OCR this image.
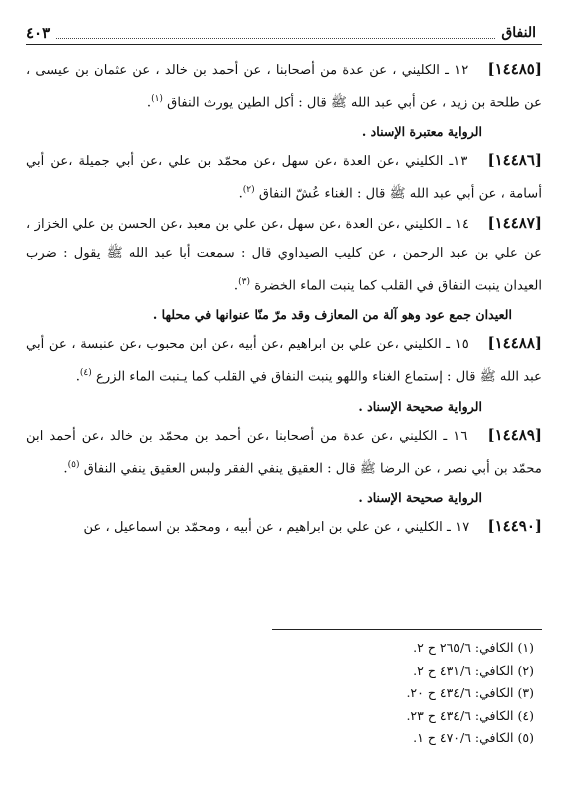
النفاق
٤٠٣

[١٤٤٨٥] ١٢ ـ الكليني ، عن عدة من أصحابنا ، عن أحمد بن خالد ، عن عثمان بن عيسى ، عن طلحة بن زيد ، عن أبي عبد الله ﷺ قال : أكل الطين يورث النفاق $^{(١)}$.

الرواية معتبرة الإسناد .

[١٤٤٨٦] ١٣ـ الكليني ،عن العدة ،عن سهل ،عن محمّد بن علي ،عن أبي جميلة ،عن أبي أسامة ، عن أبي عبد الله ﷺ قال : الغناء عُشّ النفاق $^{(٢)}$.

[١٤٤٨٧] ١٤ ـ الكليني ،عن العدة ،عن سهل ،عن علي بن معبد ،عن الحسن بن علي الخزاز ، عن علي بن عبد الرحمن ، عن كليب الصيداوي قال : سمعت أبا عبد الله ﷺ يقول : ضرب العيدان ينبت النفاق في القلب كما ينبت الماء الخضرة $^{(٣)}$.

العيدان جمع عود وهو آلة من المعازف وقد مرّ منّا عنوانها في محلها .

[١٤٤٨٨] ١٥ ـ الكليني ،عن علي بن ابراهيم ،عن أبيه ،عن ابن محبوب ،عن عنبسة ، عن أبي عبد الله ﷺ قال : إستماع الغناء واللهو ينبت النفاق في القلب كما يـنبت الماء الزرع $^{(٤)}$.

الرواية صحيحة الإسناد .

[١٤٤٨٩] ١٦ ـ الكليني ،عن عدة من أصحابنا ،عن أحمد بن محمّد بن خالد ،عن أحمد ابن محمّد بن أبي نصر ، عن الرضا ﷺ قال : العقيق ينفي الفقر ولبس العقيق ينفي النفاق $^{(٥)}$.

الرواية صحيحة الإسناد .

[١٤٤٩٠] ١٧ ـ الكليني ، عن علي بن ابراهيم ، عن أبيه ، ومحمّد بن اسماعيل ، عن

(١) الكافي: ٢٦٥/٦ ح ٢.
(٢) الكافي: ٤٣١/٦ ح ٢.
(٣) الكافي: ٤٣٤/٦ ح ٢٠.
(٤) الكافي: ٤٣٤/٦ ح ٢٣.
(٥) الكافي: ٤٧٠/٦ ح ١.
